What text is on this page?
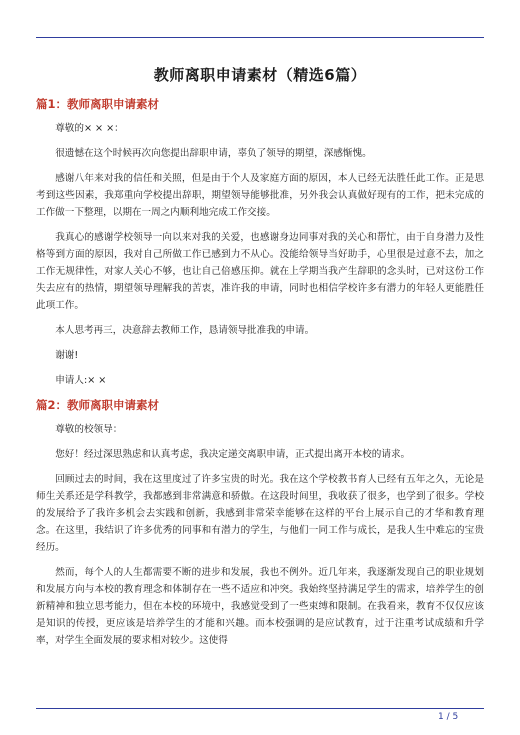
教师离职申请素材（精选6篇）
篇1：教师离职申请素材

尊敬的× × ×：

很遗憾在这个时候再次向您提出辞职申请，辜负了领导的期望，深感惭愧。

感谢八年来对我的信任和关照，但是由于个人及家庭方面的原因，本人已经无法胜任此工作。正是思考到这些因素，我郑重向学校提出辞职，期望领导能够批准，另外我会认真做好现有的工作，把未完成的工作做一下整理，以期在一周之内顺利地完成工作交接。

我真心的感谢学校领导一向以来对我的关爱，也感谢身边同事对我的关心和帮忙，由于自身潜力及性格等到方面的原因，我对自己所做工作已感到力不从心。没能给领导当好助手，心里很是过意不去，加之工作无规律性，对家人关心不够，也让自己倍感压抑。就在上学期当我产生辞职的念头时，已对这份工作失去应有的热情，期望领导理解我的苦衷，准许我的申请，同时也相信学校许多有潜力的年轻人更能胜任此项工作。

本人思考再三，决意辞去教师工作，恳请领导批准我的申请。

谢谢!

申请人:× ×

篇2：教师离职申请素材

尊敬的校领导：

您好！经过深思熟虑和认真考虑，我决定递交离职申请，正式提出离开本校的请求。

回顾过去的时间，我在这里度过了许多宝贵的时光。我在这个学校教书育人已经有五年之久，无论是师生关系还是学科教学，我都感到非常满意和骄傲。在这段时间里，我收获了很多，也学到了很多。学校的发展给予了我许多机会去实践和创新，我感到非常荣幸能够在这样的平台上展示自己的才华和教育理念。在这里，我结识了许多优秀的同事和有潜力的学生，与他们一同工作与成长，是我人生中难忘的宝贵经历。

然而，每个人的人生都需要不断的进步和发展，我也不例外。近几年来，我逐渐发现自己的职业规划和发展方向与本校的教育理念和体制存在一些不适应和冲突。我始终坚持满足学生的需求，培养学生的创新精神和独立思考能力，但在本校的环境中，我感觉受到了一些束缚和限制。在我看来，教育不仅仅应该是知识的传授，更应该是培养学生的才能和兴趣。而本校强调的是应试教育，过于注重考试成绩和升学率，对学生全面发展的要求相对较少。这使得

1 / 5
